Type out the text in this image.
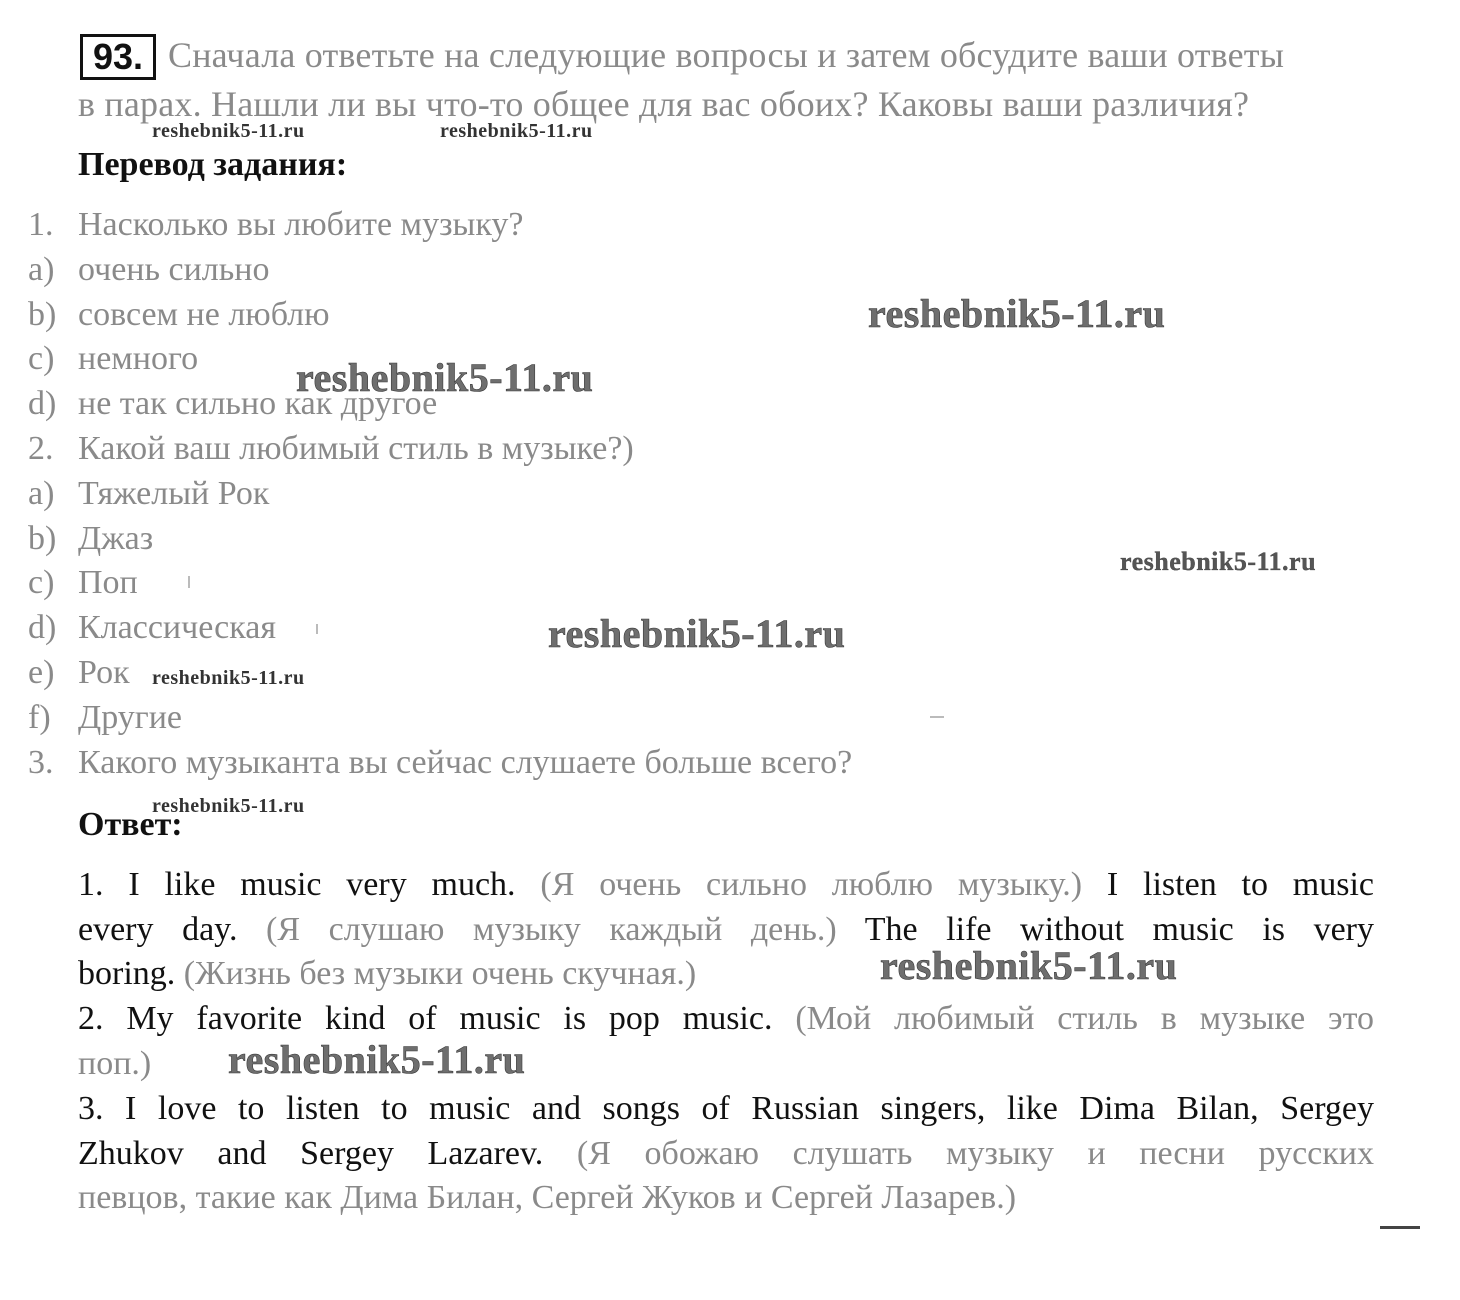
93. Сначала ответьте на следующие вопросы и затем обсудите ваши ответы
в парах. Нашли ли вы что-то общее для вас обоих? Каковы ваши различия?
Перевод задания:
1. Насколько вы любите музыку?
a) очень сильно
b) совсем не люблю
c) немного
d) не так сильно как другое
2. Какой ваш любимый стиль в музыке?)
a) Тяжелый Рок
b) Джаз
c) Поп
d) Классическая
e) Рок
f) Другие
3. Какого музыканта вы сейчас слушаете больше всего?
Ответ:
1. I like music very much. (Я очень сильно люблю музыку.) I listen to music
every day. (Я слушаю музыку каждый день.) The life without music is very
boring. (Жизнь без музыки очень скучная.)
2. My favorite kind of music is pop music. (Мой любимый стиль в музыке это
поп.)
3. I love to listen to music and songs of Russian singers, like Dima Bilan, Sergey
Zhukov and Sergey Lazarev. (Я обожаю слушать музыку и песни русских
певцов, такие как Дима Билан, Сергей Жуков и Сергей Лазарев.)
reshebnik5-11.ru	reshebnik5-11.ru
reshebnik5-11.ru
reshebnik5-11.ru
reshebnik5-11.ru
reshebnik5-11.ru
reshebnik5-11.ru
reshebnik5-11.ru
reshebnik5-11.ru
reshebnik5-11.ru
